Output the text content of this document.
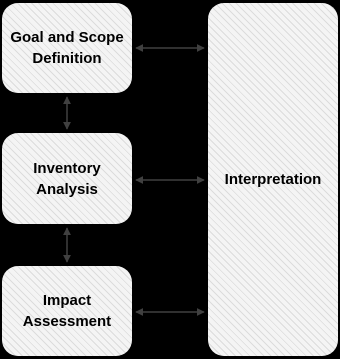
Goal and Scope
Definition
Inventory
Analysis
Impact
Assessment
Interpretation
